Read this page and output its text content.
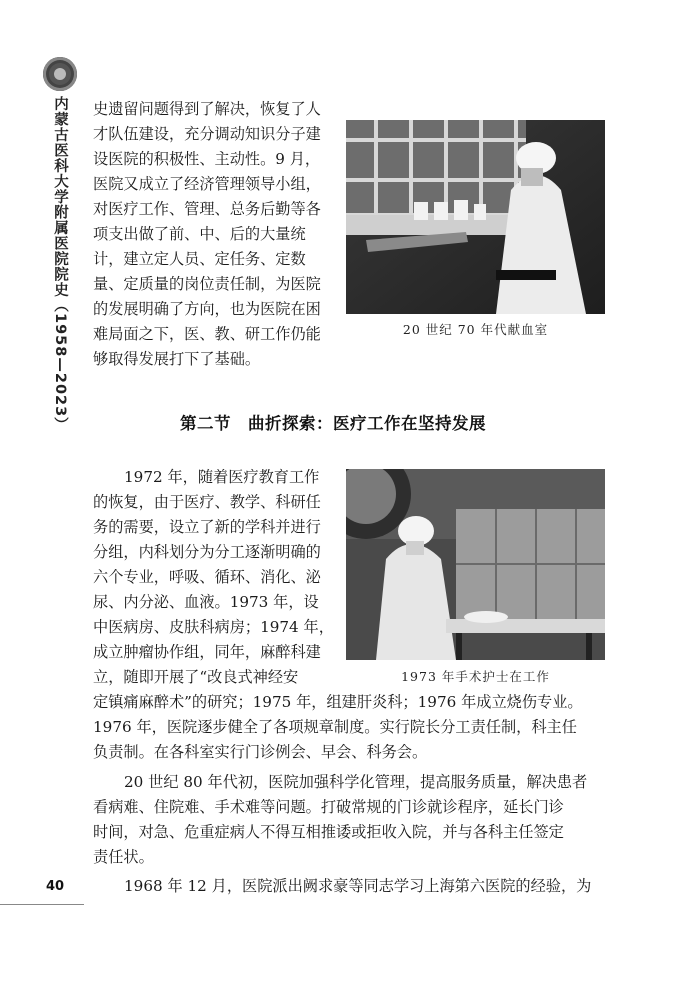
内蒙古医科大学附属医院院史（1958—2023）
40
史遗留问题得到了解决，恢复了人
才队伍建设，充分调动知识分子建
设医院的积极性、主动性。9 月，
医院又成立了经济管理领导小组，
对医疗工作、管理、总务后勤等各
项支出做了前、中、后的大量统
计，建立定人员、定任务、定数
量、定质量的岗位责任制，为医院
的发展明确了方向，也为医院在困
难局面之下，医、教、研工作仍能
够取得发展打下了基础。
20 世纪 70 年代献血室
第二节　曲折探索：医疗工作在坚持发展
1972 年，随着医疗教育工作
的恢复，由于医疗、教学、科研任
务的需要，设立了新的学科并进行
分组，内科划分为分工逐渐明确的
六个专业，呼吸、循环、消化、泌
尿、内分泌、血液。1973 年，设
中医病房、皮肤科病房；1974 年，
成立肿瘤协作组，同年，麻醉科建
立，随即开展了“改良式神经安	1973 年手术护士在工作
定镇痛麻醉术”的研究；1975 年，组建肝炎科；1976 年成立烧伤专业。
1976 年，医院逐步健全了各项规章制度。实行院长分工责任制，科主任
负责制。在各科室实行门诊例会、早会、科务会。
20 世纪 80 年代初，医院加强科学化管理，提高服务质量，解决患者
看病难、住院难、手术难等问题。打破常规的门诊就诊程序，延长门诊
时间，对急、危重症病人不得互相推诿或拒收入院，并与各科主任签定
责任状。
1968 年 12 月，医院派出阙求豪等同志学习上海第六医院的经验，为
